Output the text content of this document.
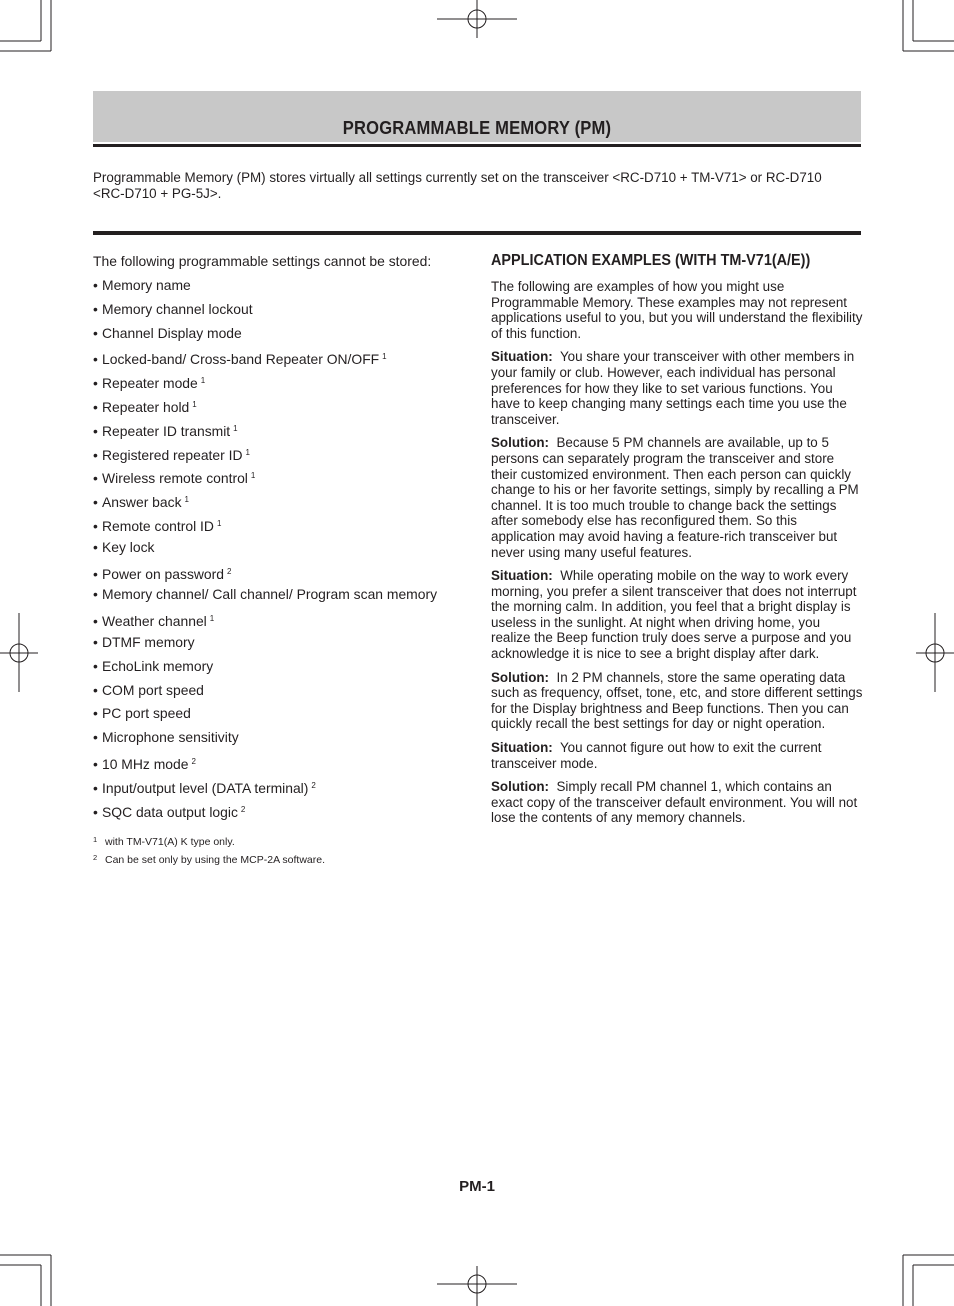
PROGRAMMABLE MEMORY (PM)
Programmable Memory (PM) stores virtually all settings currently set on the transceiver <RC-D710 + TM-V71> or RC-D710 <RC-D710 + PG-5J>.
The following programmable settings cannot be stored:
• Memory name
• Memory channel lockout
• Channel Display mode
• Locked-band/ Cross-band Repeater ON/OFF $^1$
• Repeater mode $^1$
• Repeater hold $^1$
• Repeater ID transmit $^1$
• Registered repeater ID $^1$
• Wireless remote control $^1$
• Answer back $^1$
• Remote control ID $^1$
• Key lock
• Power on password $^2$
• Memory channel/ Call channel/ Program scan memory
• Weather channel $^1$
• DTMF memory
• EchoLink memory
• COM port speed
• PC port speed
• Microphone sensitivity
• 10 MHz mode $^2$
• Input/output level (DATA terminal) $^2$
• SQC data output logic $^2$
1 with TM-V71(A) K type only.
2 Can be set only by using the MCP-2A software.
APPLICATION EXAMPLES (WITH TM-V71(A/E))

The following are examples of how you might use Programmable Memory. These examples may not represent applications useful to you, but you will understand the flexibility of this function.

Situation: You share your transceiver with other members in your family or club. However, each individual has personal preferences for how they like to set various functions. You have to keep changing many settings each time you use the transceiver.

Solution: Because 5 PM channels are available, up to 5 persons can separately program the transceiver and store their customized environment. Then each person can quickly change to his or her favorite settings, simply by recalling a PM channel. It is too much trouble to change back the settings after somebody else has reconfigured them. So this application may avoid having a feature-rich transceiver but never using many useful features.

Situation: While operating mobile on the way to work every morning, you prefer a silent transceiver that does not interrupt the morning calm. In addition, you feel that a bright display is useless in the sunlight. At night when driving home, you realize the Beep function truly does serve a purpose and you acknowledge it is nice to see a bright display after dark.

Solution: In 2 PM channels, store the same operating data such as frequency, offset, tone, etc, and store different settings for the Display brightness and Beep functions. Then you can quickly recall the best settings for day or night operation.

Situation: You cannot figure out how to exit the current transceiver mode.

Solution: Simply recall PM channel 1, which contains an exact copy of the transceiver default environment. You will not lose the contents of any memory channels.

PM-1
